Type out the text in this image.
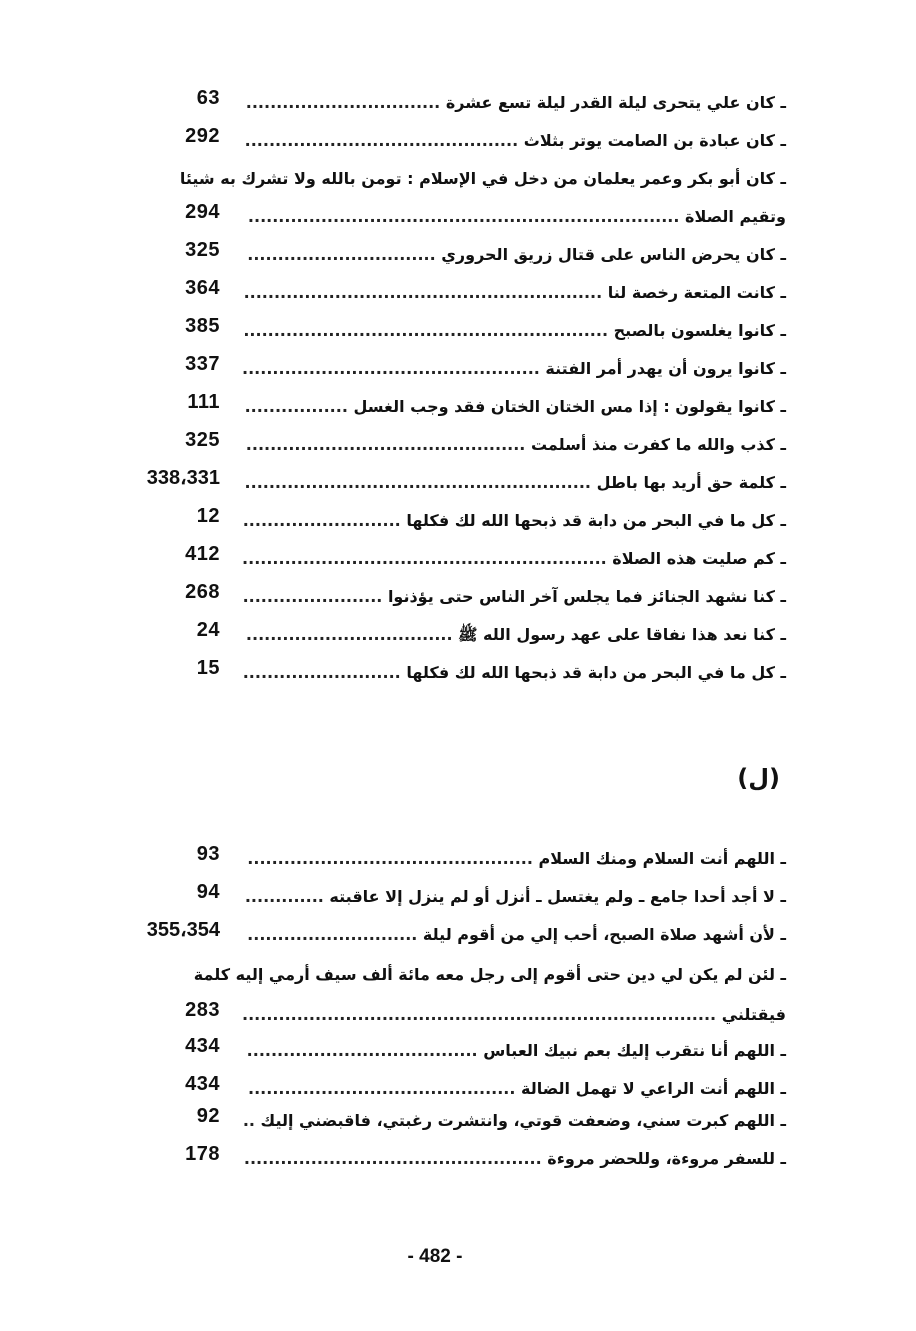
63	ـ كان علي يتحرى ليلة القدر ليلة تسع عشرة ................................
292	ـ كان عبادة بن الصامت يوتر بثلاث .............................................
ـ كان أبو بكر وعمر يعلمان من دخل في الإسلام : تومن بالله ولا تشرك به شيئا
294	وتقيم الصلاة .......................................................................
325	ـ كان يحرض الناس على قتال زريق الحروري ...............................
364	ـ كانت المتعة رخصة لنا ...........................................................
385	ـ كانوا يغلسون بالصبح ............................................................
337	ـ كانوا يرون أن يهدر أمر الفتنة .................................................
111	ـ كانوا يقولون : إذا مس الختان الختان فقد وجب الغسل .................
325	ـ كذب والله ما كفرت منذ أسلمت ..............................................
338،331	ـ كلمة حق أريد بها باطل .........................................................
12	ـ كل ما في البحر من دابة قد ذبحها الله لك فكلها ..........................
412	ـ كم صليت هذه الصلاة ............................................................
268	ـ كنا نشهد الجنائز فما يجلس آخر الناس حتى يؤذنوا .......................
24	ـ كنا نعد هذا نفاقا على عهد رسول الله ﷺ ..................................
15	ـ كل ما في البحر من دابة قد ذبحها الله لك فكلها ..........................
(ل)
93	ـ اللهم أنت السلام ومنك السلام ...............................................
94	ـ لا أجد أحدا جامع ـ ولم يغتسل ـ أنزل أو لم ينزل إلا عاقبته .............
355،354	ـ لأن أشهد صلاة الصبح، أحب إلي من أقوم ليلة ............................
ـ لئن لم يكن لي دين حتى أقوم إلى رجل معه مائة ألف سيف أرمي إليه كلمة
283	فيقتلني ..............................................................................
434	ـ اللهم أنا نتقرب إليك بعم نبيك العباس ......................................
434	ـ اللهم أنت الراعي لا تهمل الضالة ............................................
92	ـ اللهم كبرت سني، وضعفت قوتي، وانتشرت رغبتي، فاقبضني إليك ..
178	ـ للسفر مروءة، وللحضر مروءة .................................................
- 482 -
